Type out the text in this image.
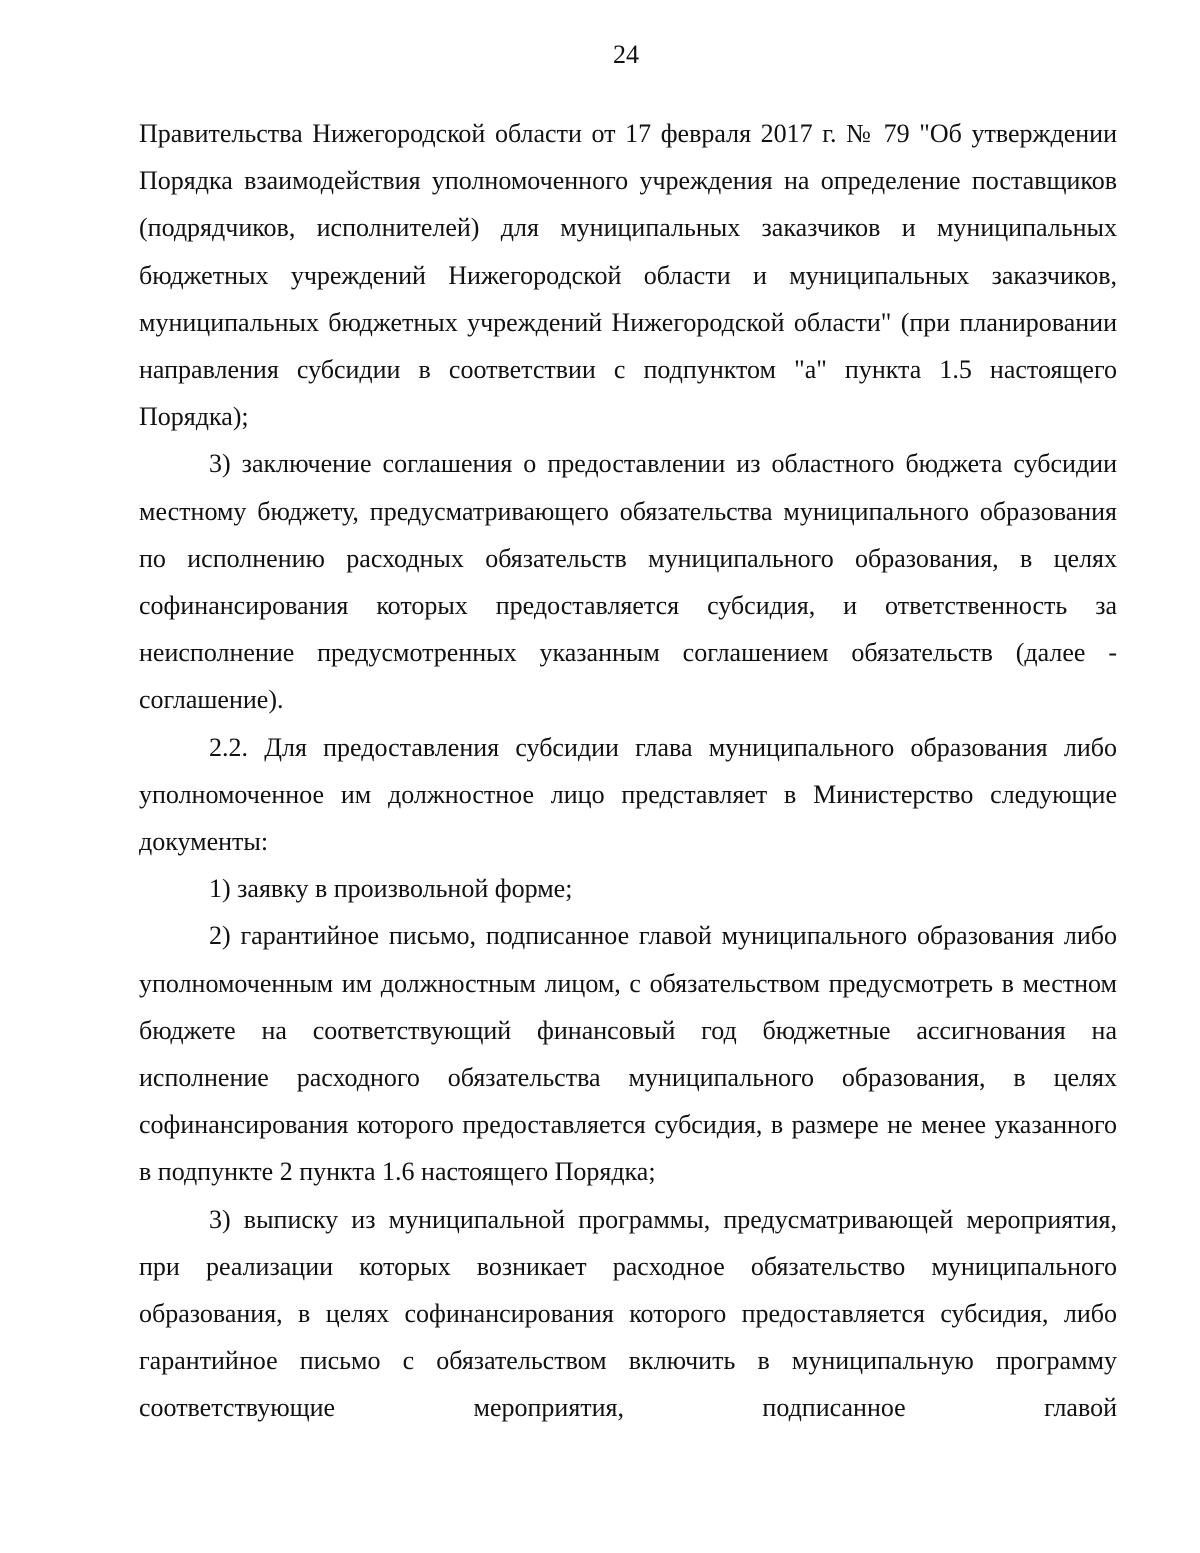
24

Правительства Нижегородской области от 17 февраля 2017 г. № 79 "Об утверждении Порядка взаимодействия уполномоченного учреждения на определение поставщиков (подрядчиков, исполнителей) для муниципальных заказчиков и муниципальных бюджетных учреждений Нижегородской области и муниципальных заказчиков, муниципальных бюджетных учреждений Нижегородской области" (при планировании направления субсидии в соответствии с подпунктом "а" пункта 1.5 настоящего Порядка);

3) заключение соглашения о предоставлении из областного бюджета субсидии местному бюджету, предусматривающего обязательства муниципального образования по исполнению расходных обязательств муниципального образования, в целях софинансирования которых предоставляется субсидия, и ответственность за неисполнение предусмотренных указанным соглашением обязательств (далее - соглашение).

2.2. Для предоставления субсидии глава муниципального образования либо уполномоченное им должностное лицо представляет в Министерство следующие документы:

1) заявку в произвольной форме;

2) гарантийное письмо, подписанное главой муниципального образования либо уполномоченным им должностным лицом, с обязательством предусмотреть в местном бюджете на соответствующий финансовый год бюджетные ассигнования на исполнение расходного обязательства муниципального образования, в целях софинансирования которого предоставляется субсидия, в размере не менее указанного в подпункте 2 пункта 1.6 настоящего Порядка;

3) выписку из муниципальной программы, предусматривающей мероприятия, при реализации которых возникает расходное обязательство муниципального образования, в целях софинансирования которого предоставляется субсидия, либо гарантийное письмо с обязательством включить в муниципальную программу соответствующие мероприятия, подписанное главой
